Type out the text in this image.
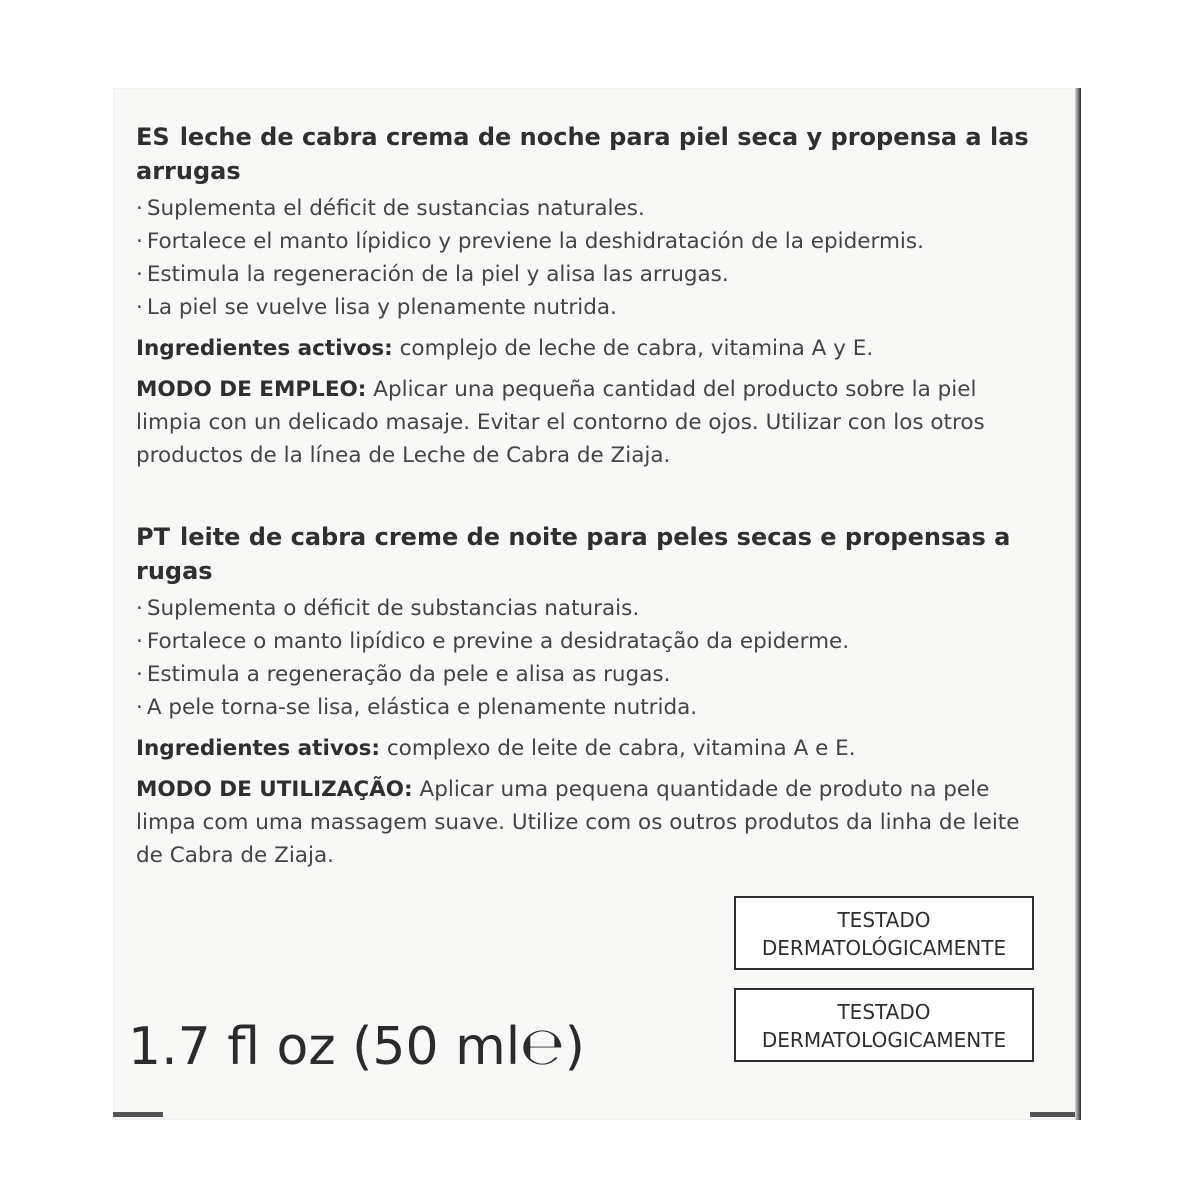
ES leche de cabra crema de noche para piel seca y propensa a las arrugas
· Suplementa el déficit de sustancias naturales.
· Fortalece el manto lípidico y previene la deshidratación de la epidermis.
· Estimula la regeneración de la piel y alisa las arrugas.
· La piel se vuelve lisa y plenamente nutrida.

Ingredientes activos: complejo de leche de cabra, vitamina A y E.

MODO DE EMPLEO: Aplicar una pequeña cantidad del producto sobre la piel limpia con un delicado masaje. Evitar el contorno de ojos. Utilizar con los otros productos de la línea de Leche de Cabra de Ziaja.

PT leite de cabra creme de noite para peles secas e propensas a rugas
· Suplementa o déficit de substancias naturais.
· Fortalece o manto lipídico e previne a desidratação da epiderme.
· Estimula a regeneração da pele e alisa as rugas.
· A pele torna-se lisa, elástica e plenamente nutrida.

Ingredientes ativos: complexo de leite de cabra, vitamina A e E.

MODO DE UTILIZAÇÃO: Aplicar uma pequena quantidade de produto na pele limpa com uma massagem suave. Utilize com os outros produtos da linha de leite de Cabra de Ziaja.

1.7 fl oz (50 ml℮)
TESTADO
DERMATOLÓGICAMENTE
TESTADO
DERMATOLOGICAMENTE
